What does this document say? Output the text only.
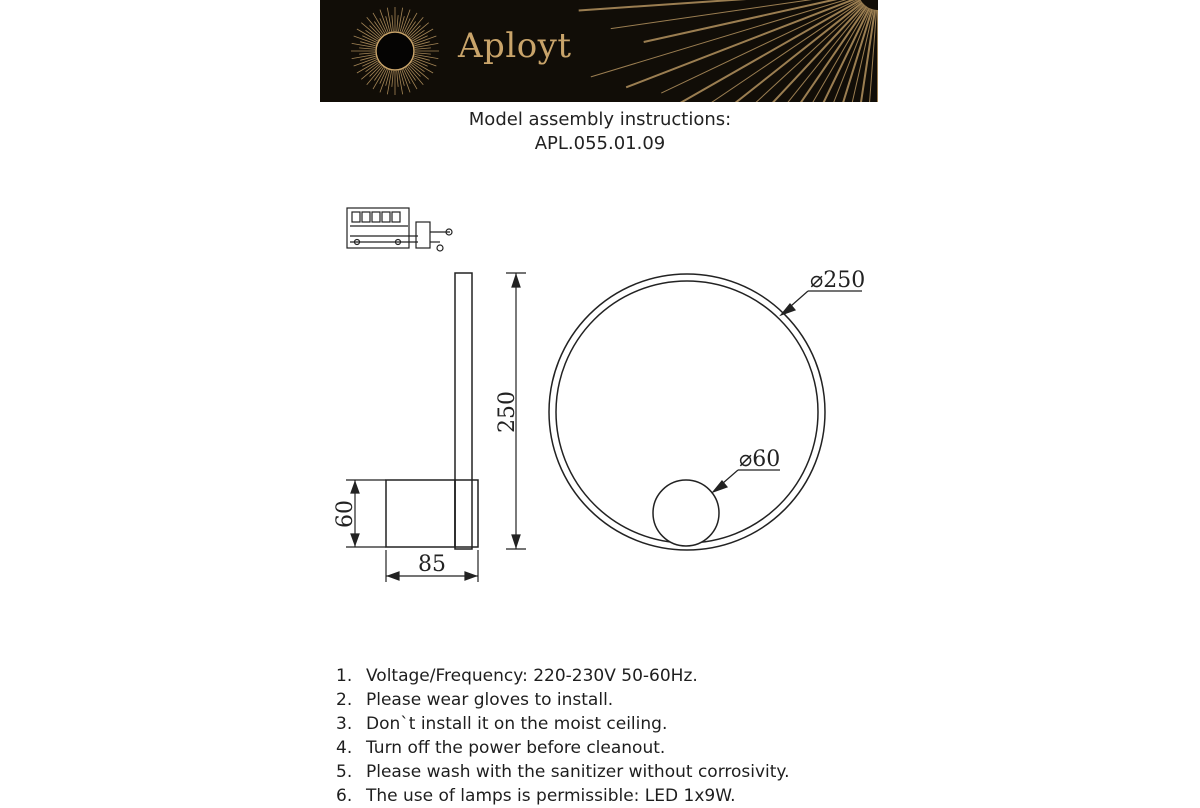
Aployt
Model assembly instructions:
APL.055.01.09
250
60
85
⌀250
⌀60
1. Voltage/Frequency: 220-230V 50-60Hz.
2. Please wear gloves to install.
3. Don`t install it on the moist ceiling.
4. Turn off the power before cleanout.
5. Please wash with the sanitizer without corrosivity.
6. The use of lamps is permissible: LED 1x9W.
